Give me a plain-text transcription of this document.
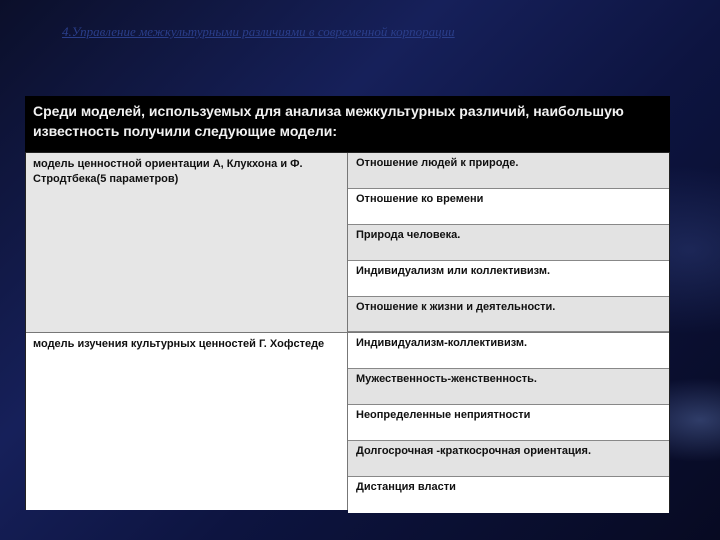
4.Управление межкультурными различиями в современной корпорации
Среди моделей, используемых для анализа межкультурных различий, наибольшую известность получили следующие модели:
модель ценностной ориентации А, Клукхона и Ф. Стродтбека(5 параметров)
Отношение людей к природе.
Отношение ко времени
Природа человека.
Индивидуализм или коллективизм.
Отношение к жизни и деятельности.
модель изучения культурных ценностей Г. Хофстеде	Индивидуализм-коллективизм.
Мужественность-женственность.
Неопределенные неприятности
Долгосрочная -краткосрочная ориентация.
Дистанция власти
